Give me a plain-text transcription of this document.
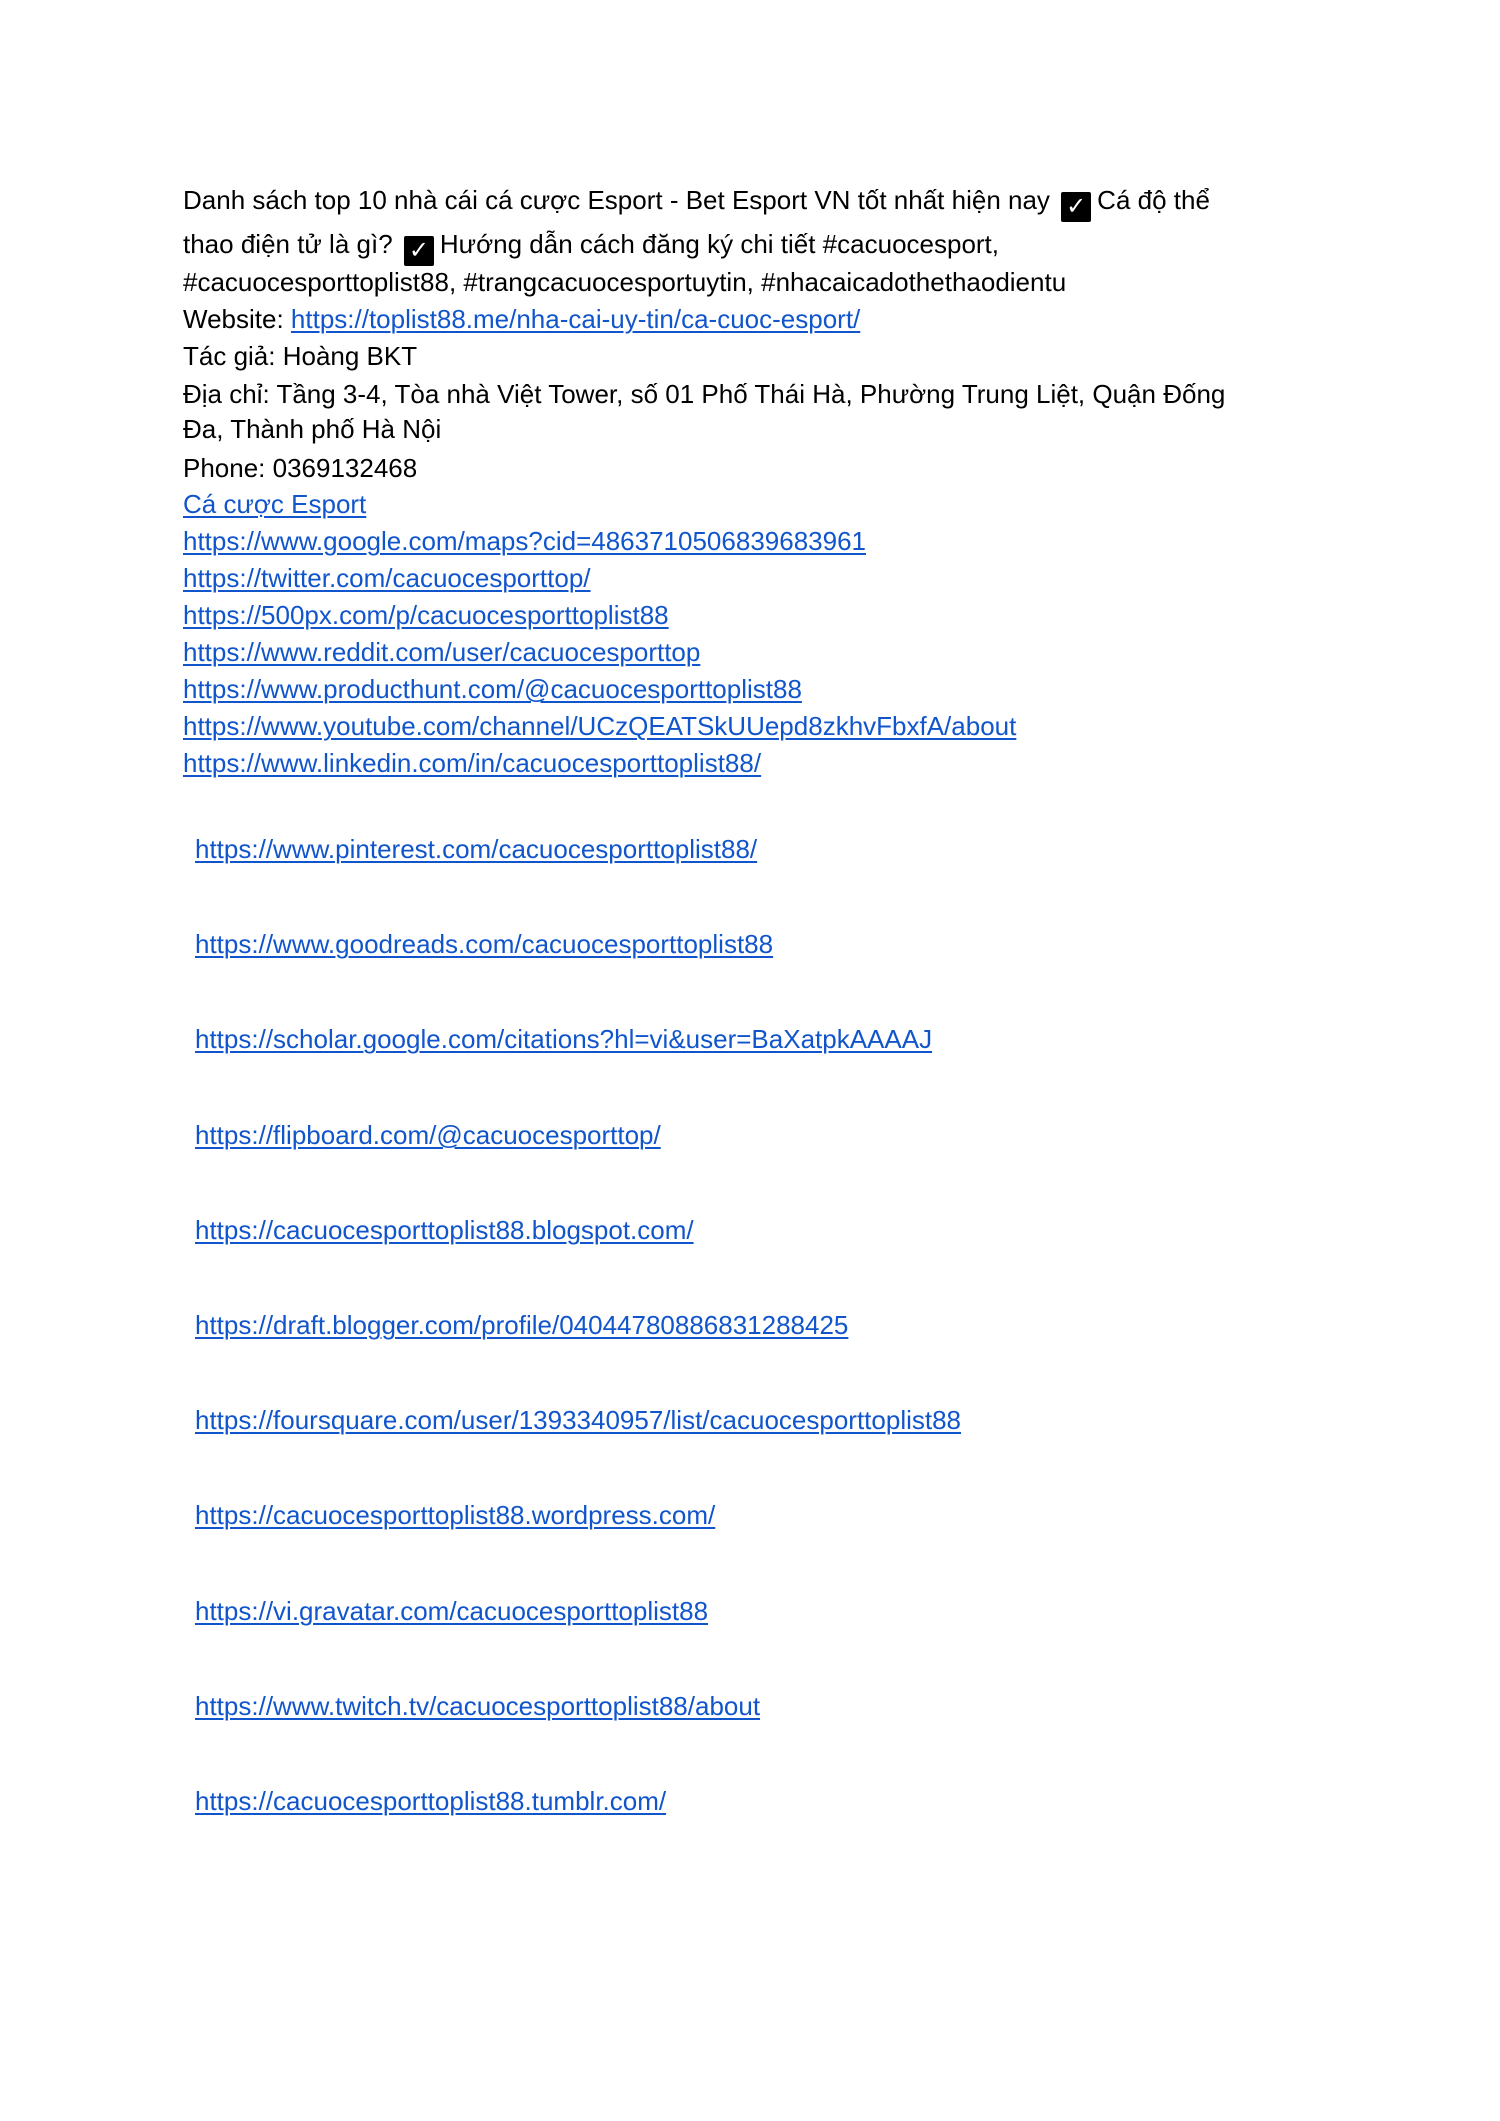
Danh sách top 10 nhà cái cá cược Esport - Bet Esport VN tốt nhất hiện nay ✓ Cá độ thể
thao điện tử là gì? ✓ Hướng dẫn cách đăng ký chi tiết #cacuocesport,
#cacuocesporttoplist88, #trangcacuocesportuytin, #nhacaicadothethaodientu
Website: https://toplist88.me/nha-cai-uy-tin/ca-cuoc-esport/
Tác giả: Hoàng BKT
Địa chỉ: Tầng 3-4, Tòa nhà Việt Tower, số 01 Phố Thái Hà, Phường Trung Liệt, Quận Đống
Đa, Thành phố Hà Nội
Phone: 0369132468
Cá cược Esport
https://www.google.com/maps?cid=4863710506839683961
https://twitter.com/cacuocesporttop/
https://500px.com/p/cacuocesporttoplist88
https://www.reddit.com/user/cacuocesporttop
https://www.producthunt.com/@cacuocesporttoplist88
https://www.youtube.com/channel/UCzQEATSkUUepd8zkhvFbxfA/about
https://www.linkedin.com/in/cacuocesporttoplist88/
https://www.pinterest.com/cacuocesporttoplist88/
https://www.goodreads.com/cacuocesporttoplist88
https://scholar.google.com/citations?hl=vi&user=BaXatpkAAAAJ
https://flipboard.com/@cacuocesporttop/
https://cacuocesporttoplist88.blogspot.com/
https://draft.blogger.com/profile/04044780886831288425
https://foursquare.com/user/1393340957/list/cacuocesporttoplist88
https://cacuocesporttoplist88.wordpress.com/
https://vi.gravatar.com/cacuocesporttoplist88
https://www.twitch.tv/cacuocesporttoplist88/about
https://cacuocesporttoplist88.tumblr.com/
